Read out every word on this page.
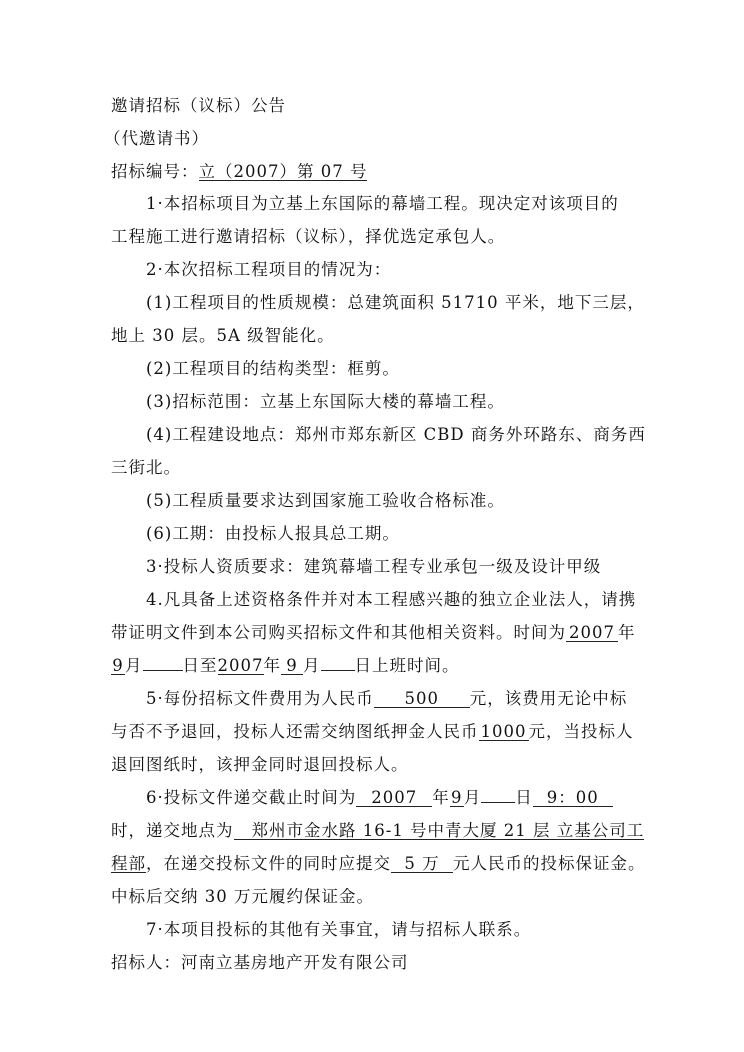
邀请招标（议标）公告
（代邀请书）
招标编号：立（2007）第 07 号
1·本招标项目为立基上东国际的幕墙工程。现决定对该项目的
工程施工进行邀请招标（议标），择优选定承包人。
2·本次招标工程项目的情况为：
(1)工程项目的性质规模：总建筑面积 51710 平米，地下三层，
地上 30 层。5A 级智能化。
(2)工程项目的结构类型：框剪。
(3)招标范围：立基上东国际大楼的幕墙工程。
(4)工程建设地点：郑州市郑东新区 CBD 商务外环路东、商务西
三街北。
(5)工程质量要求达到国家施工验收合格标准。
(6)工期：由投标人报具总工期。
3·投标人资质要求：建筑幕墙工程专业承包一级及设计甲级
4.凡具备上述资格条件并对本工程感兴趣的独立企业法人，请携
带证明文件到本公司购买招标文件和其他相关资料。时间为 2007 年
9月 日至2007年 9 月 日上班时间。
5·每份招标文件费用为人民币 500 元，该费用无论中标
与否不予退回，投标人还需交纳图纸押金人民币 1000 元，当投标人
退回图纸时，该押金同时退回投标人。
6·投标文件递交截止时间为 2007 年9月 日 9：00
时，递交地点为 郑州市金水路 16-1 号中青大厦 21 层 立基公司工
程部，在递交投标文件的同时应提交 5 万 元人民币的投标保证金。
中标后交纳 30 万元履约保证金。
7·本项目投标的其他有关事宜，请与招标人联系。
招标人：河南立基房地产开发有限公司
